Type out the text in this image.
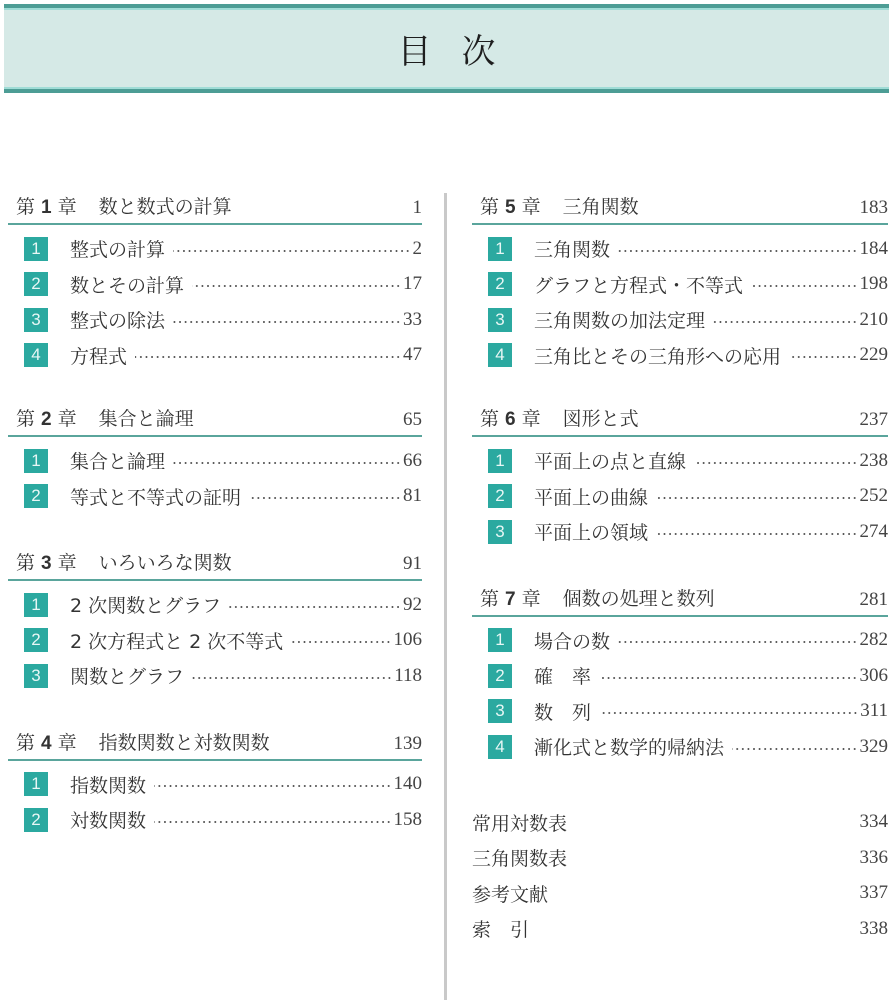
目次
第 1 章 数と数式の計算	1
1	整式の計算	2
2	数とその計算	17
3	整式の除法	33
4	方程式	47
第 2 章 集合と論理	65
1	集合と論理	66
2	等式と不等式の証明	81
第 3 章 いろいろな関数	91
1	2 次関数とグラフ	92
2	2 次方程式と 2 次不等式	106
3	関数とグラフ	118
第 4 章 指数関数と対数関数	139
1	指数関数	140
2	対数関数	158
第 5 章 三角関数	183
1	三角関数	184
2	グラフと方程式・不等式	198
3	三角関数の加法定理	210
4	三角比とその三角形への応用	229
第 6 章 図形と式	237
1	平面上の点と直線	238
2	平面上の曲線	252
3	平面上の領域	274
第 7 章 個数の処理と数列	281
1	場合の数	282
2	確　率	306
3	数　列	311
4	漸化式と数学的帰納法	329
常用対数表	334
三角関数表	336
参考文献	337
索　引	338
